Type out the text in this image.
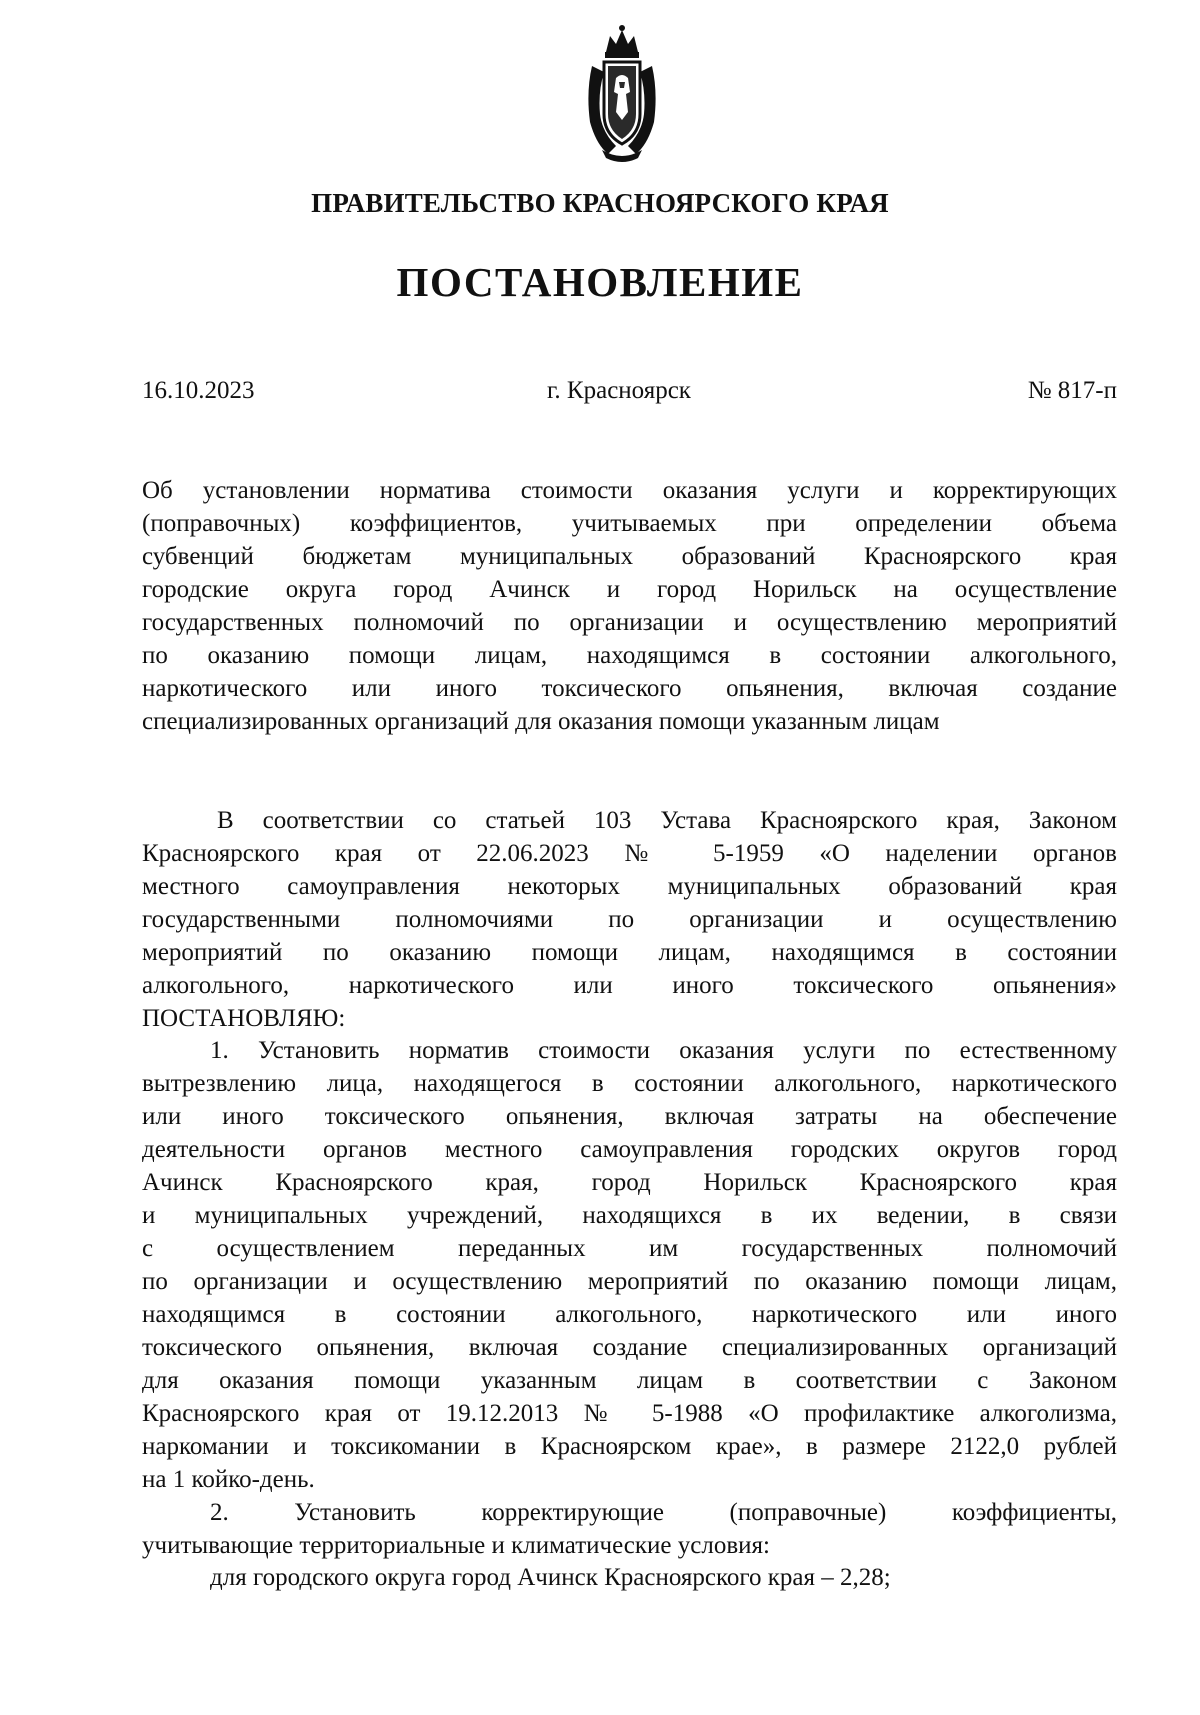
ПРАВИТЕЛЬСТВО КРАСНОЯРСКОГО КРАЯ
ПОСТАНОВЛЕНИЕ
16.10.2023	г. Красноярск	№ 817-п
Об установлении норматива стоимости оказания услуги и корректирующих
(поправочных) коэффициентов, учитываемых при определении объема
субвенций бюджетам муниципальных образований Красноярского края
городские округа город Ачинск и город Норильск на осуществление
государственных полномочий по организации и осуществлению мероприятий
по оказанию помощи лицам, находящимся в состоянии алкогольного,
наркотического или иного токсического опьянения, включая создание
специализированных организаций для оказания помощи указанным лицам
В соответствии со статьей 103 Устава Красноярского края, Законом
Красноярского края от 22.06.2023 № 5-1959 «О наделении органов
местного самоуправления некоторых муниципальных образований края
государственными полномочиями по организации и осуществлению
мероприятий по оказанию помощи лицам, находящимся в состоянии
алкогольного, наркотического или иного токсического опьянения»
ПОСТАНОВЛЯЮ:
1. Установить норматив стоимости оказания услуги по естественному
вытрезвлению лица, находящегося в состоянии алкогольного, наркотического
или иного токсического опьянения, включая затраты на обеспечение
деятельности органов местного самоуправления городских округов город
Ачинск Красноярского края, город Норильск Красноярского края
и муниципальных учреждений, находящихся в их ведении, в связи
с осуществлением переданных им государственных полномочий
по организации и осуществлению мероприятий по оказанию помощи лицам,
находящимся в состоянии алкогольного, наркотического или иного
токсического опьянения, включая создание специализированных организаций
для оказания помощи указанным лицам в соответствии с Законом
Красноярского края от 19.12.2013 № 5-1988 «О профилактике алкоголизма,
наркомании и токсикомании в Красноярском крае», в размере 2122,0 рублей
на 1 койко-день.
2. Установить корректирующие (поправочные) коэффициенты,
учитывающие территориальные и климатические условия:
для городского округа город Ачинск Красноярского края – 2,28;
